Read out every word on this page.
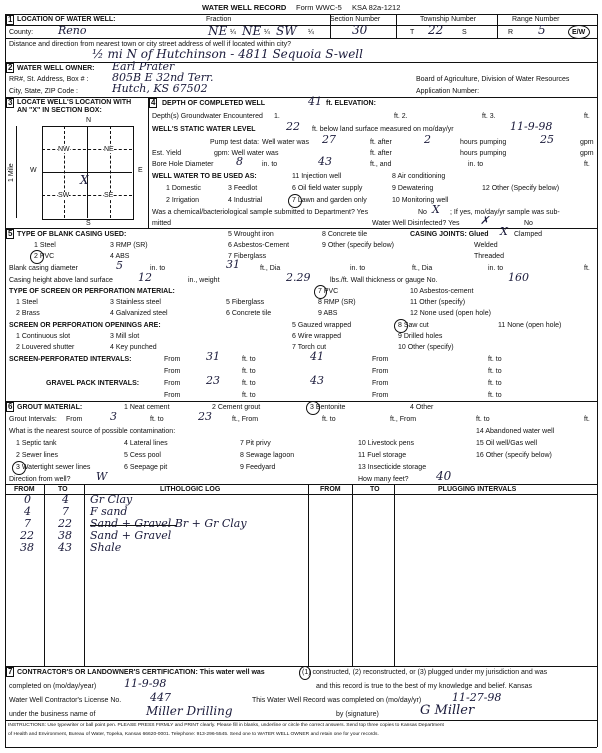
WATER WELL RECORD Form WWC-5 KSA 82a-1212
1 LOCATION OF WATER WELL:	Fraction	Section Number	Township Number	Range Number
County: Reno	NE ¼ NE ¼ SW ¼	30	T 22	S	R 5	E/W
Distance and direction from nearest town or city street address of well if located within city?
½ mi N of Hutchinson - 4811 Sequoia S-well
2 WATER WELL OWNER: Earl Prater
RR#, St. Address, Box # : 805B E 32nd Terr.	Board of Agriculture, Division of Water Resources
City, State, ZIP Code :	Hutch, KS 67502	Application Number:
3 LOCATE WELL'S LOCATION WITH AN "X" IN SECTION BOX:
N
S
W	E
1 Mile
NW	NE
SW	SE
X
4 DEPTH OF COMPLETED WELL	41 ft. ELEVATION:
Depth(s) Groundwater Encountered 1.	ft. 2.	ft. 3.	ft.
WELL'S STATIC WATER LEVEL	22 ft. below land surface measured on mo/day/yr	11-9-98
Pump test data: Well water was 27	ft. after	2	hours pumping	25	gpm
Est. Yield	gpm: Well water was	ft. after	hours pumping	gpm
Bore Hole Diameter 8	in. to	43	ft., and	in. to	ft.
WELL WATER TO BE USED AS:	11 Injection well	8 Air conditioning
1 Domestic	3 Feedlot	6 Oil field water supply	9 Dewatering	12 Other (Specify below)
2 Irrigation	4 Industrial	7 Lawn and garden only	10 Monitoring well
Was a chemical/bacteriological sample submitted to Department? Yes	No X ; If yes, mo/day/yr sample was sub-
mitted	Water Well Disinfected? Yes ✗	No
5 TYPE OF BLANK CASING USED:	5 Wrought iron	8 Concrete tile	CASING JOINTS: Glued X Clamped
1 Steel	3 RMP (SR)	6 Asbestos-Cement	9 Other (specify below)	Welded
2 PVC	4 ABS	7 Fiberglass	Threaded
Blank casing diameter	5	in. to	31	ft., Dia	in. to	ft., Dia	in. to	ft.
Casing height above land surface 12	in., weight	2.29	lbs./ft. Wall thickness or gauge No.	160
TYPE OF SCREEN OR PERFORATION MATERIAL:	7 PVC	10 Asbestos-cement
1 Steel	3 Stainless steel	5 Fiberglass	8 RMP (SR)	11 Other (specify)
2 Brass	4 Galvanized steel	6 Concrete tile	9 ABS	12 None used (open hole)
SCREEN OR PERFORATION OPENINGS ARE:	5 Gauzed wrapped	8 Saw cut	11 None (open hole)
1 Continuous slot	3 Mill slot	6 Wire wrapped	9 Drilled holes
2 Louvered shutter	4 Key punched	7 Torch cut	10 Other (specify)
SCREEN-PERFORATED INTERVALS:	From 31	ft. to	41	From	ft. to
From	ft. to	From	ft. to
GRAVEL PACK INTERVALS:	From 23	ft. to	43	From	ft. to
From	ft. to	From	ft. to
6 GROUT MATERIAL:	1 Neat cement	2 Cement grout	3 Bentonite	4 Other
Grout Intervals: From	3	ft. to	23	ft., From	ft. to	ft., From	ft. to	ft.
What is the nearest source of possible contamination:	14 Abandoned water well
1 Septic tank	4 Lateral lines	7 Pit privy	10 Livestock pens	15 Oil well/Gas well
2 Sewer lines	5 Cess pool	8 Sewage lagoon	11 Fuel storage	16 Other (specify below)
3 Watertight sewer lines	6 Seepage pit	9 Feedyard	13 Insecticide storage
Direction from well? W	How many feet? 40
FROM	TO	LITHOLOGIC LOG	FROM	TO	PLUGGING INTERVALS
0	4 Gr Clay
4	7 F sand
7 22 Sand + Gravel Br + Gr Clay
22 38 Sand + Gravel
38 43 Shale
7 CONTRACTOR'S OR LANDOWNER'S CERTIFICATION: This water well was	(1) constructed, (2) reconstructed, or (3) plugged under my jurisdiction and was
completed on (mo/day/year)	11-9-98	and this record is true to the best of my knowledge and belief. Kansas
Water Well Contractor's License No.	447	This Water Well Record was completed on (mo/day/yr)	11-27-98
under the business name of	Miller Drilling	by (signature)	G Miller
INSTRUCTIONS: Use typewriter or ball point pen. PLEASE PRESS FIRMLY and PRINT clearly. Please fill in blanks, underline or circle the correct answers. Send top three copies to Kansas Department
of Health and Environment, Bureau of Water, Topeka, Kansas 66620-0001. Telephone: 913-296-5545. Send one to WATER WELL OWNER and retain one for your records.
